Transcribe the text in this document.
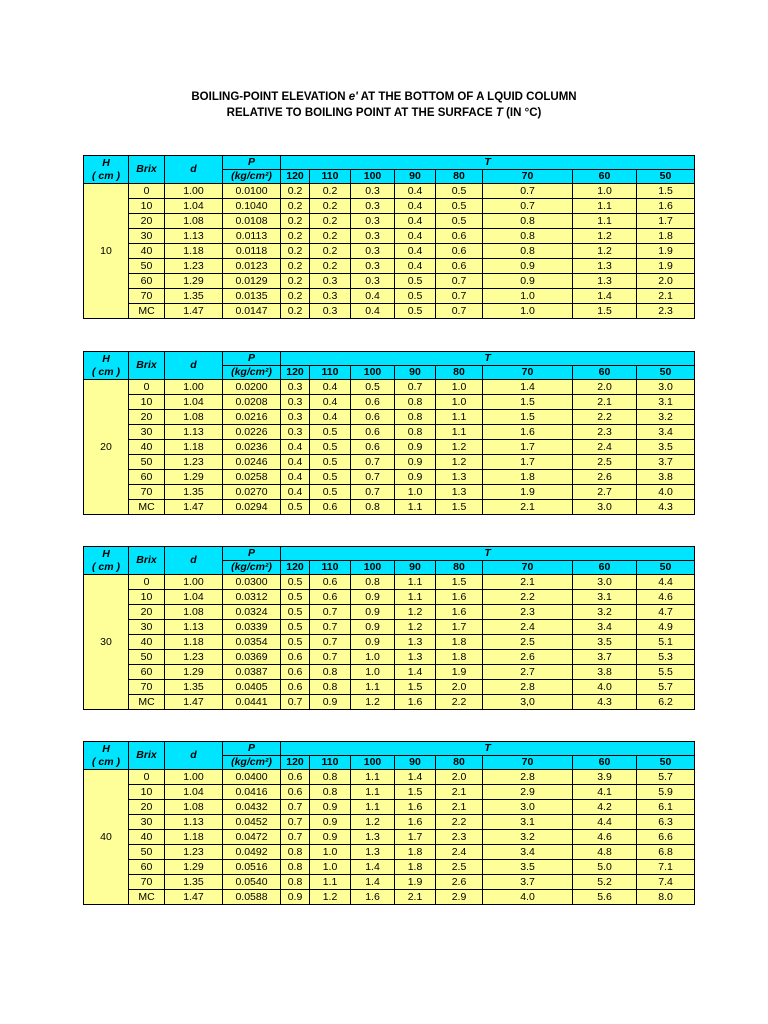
BOILING-POINT ELEVATION e' AT THE BOTTOM OF A LQUID COLUMN
RELATIVE TO BOILING POINT AT THE SURFACE T (IN °C)
H
( cm )	Brix	d	P	T							
			(kg/cm²)	120	110	100	90	80	70	60	50
10	0	1.00	0.0100	0.2	0.2	0.3	0.4	0.5	0.7	1.0	1.5
	10	1.04	0.1040	0.2	0.2	0.3	0.4	0.5	0.7	1.1	1.6
	20	1.08	0.0108	0.2	0.2	0.3	0.4	0.5	0.8	1.1	1.7
	30	1.13	0.0113	0.2	0.2	0.3	0.4	0.6	0.8	1.2	1.8
	40	1.18	0.0118	0.2	0.2	0.3	0.4	0.6	0.8	1.2	1.9
	50	1.23	0.0123	0.2	0.2	0.3	0.4	0.6	0.9	1.3	1.9
	60	1.29	0.0129	0.2	0.3	0.3	0.5	0.7	0.9	1.3	2.0
	70	1.35	0.0135	0.2	0.3	0.4	0.5	0.7	1.0	1.4	2.1
	MC	1.47	0.0147	0.2	0.3	0.4	0.5	0.7	1.0	1.5	2.3
H
( cm )	Brix	d	P	T							
			(kg/cm²)	120	110	100	90	80	70	60	50
20	0	1.00	0.0200	0.3	0.4	0.5	0.7	1.0	1.4	2.0	3.0
	10	1.04	0.0208	0.3	0.4	0.6	0.8	1.0	1.5	2.1	3.1
	20	1.08	0.0216	0.3	0.4	0.6	0.8	1.1	1.5	2.2	3.2
	30	1.13	0.0226	0.3	0.5	0.6	0.8	1.1	1.6	2.3	3.4
	40	1.18	0.0236	0.4	0.5	0.6	0.9	1.2	1.7	2.4	3.5
	50	1.23	0.0246	0.4	0.5	0.7	0.9	1.2	1.7	2.5	3.7
	60	1.29	0.0258	0.4	0.5	0.7	0.9	1.3	1.8	2.6	3.8
	70	1.35	0.0270	0.4	0.5	0.7	1.0	1.3	1.9	2.7	4.0
	MC	1.47	0.0294	0.5	0.6	0.8	1.1	1.5	2.1	3.0	4.3
H
( cm )	Brix	d	P	T							
			(kg/cm²)	120	110	100	90	80	70	60	50
30	0	1.00	0.0300	0.5	0.6	0.8	1.1	1.5	2.1	3.0	4.4
	10	1.04	0.0312	0.5	0.6	0.9	1.1	1.6	2.2	3.1	4.6
	20	1.08	0.0324	0.5	0.7	0.9	1.2	1.6	2.3	3.2	4.7
	30	1.13	0.0339	0.5	0.7	0.9	1.2	1.7	2.4	3.4	4.9
	40	1.18	0.0354	0.5	0.7	0.9	1.3	1.8	2.5	3.5	5.1
	50	1.23	0.0369	0.6	0.7	1.0	1.3	1.8	2.6	3.7	5.3
	60	1.29	0.0387	0.6	0.8	1.0	1.4	1.9	2.7	3.8	5.5
	70	1.35	0.0405	0.6	0.8	1.1	1.5	2.0	2.8	4.0	5.7
	MC	1.47	0.0441	0.7	0.9	1.2	1.6	2.2	3,0	4.3	6.2
H
( cm )	Brix	d	P	T							
			(kg/cm²)	120	110	100	90	80	70	60	50
40	0	1.00	0.0400	0.6	0.8	1.1	1.4	2.0	2.8	3.9	5.7
	10	1.04	0.0416	0.6	0.8	1.1	1.5	2.1	2.9	4.1	5.9
	20	1.08	0.0432	0.7	0.9	1.1	1.6	2.1	3.0	4.2	6.1
	30	1.13	0.0452	0.7	0.9	1.2	1.6	2.2	3.1	4.4	6.3
	40	1.18	0.0472	0.7	0.9	1.3	1.7	2.3	3.2	4.6	6.6
	50	1.23	0.0492	0.8	1.0	1.3	1.8	2.4	3.4	4.8	6.8
	60	1.29	0.0516	0.8	1.0	1.4	1.8	2.5	3.5	5.0	7.1
	70	1.35	0.0540	0.8	1.1	1.4	1.9	2.6	3.7	5.2	7.4
	MC	1.47	0.0588	0.9	1.2	1.6	2.1	2.9	4.0	5.6	8.0
